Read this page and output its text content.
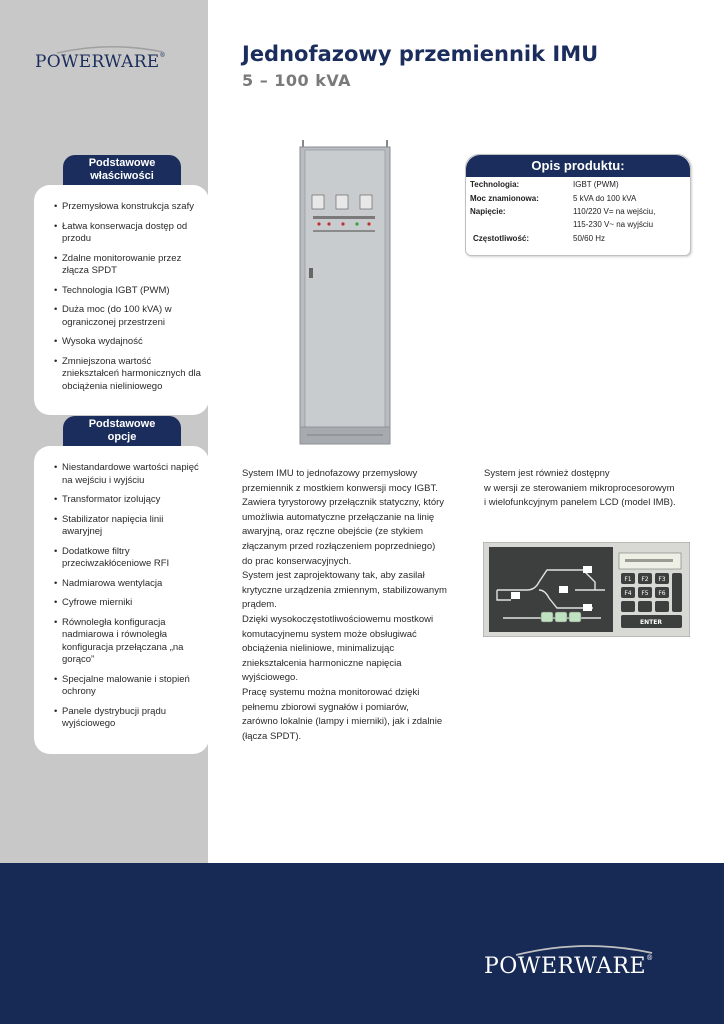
POWERWARE®	Jednofazowy przemiennik IMU
5 – 100 kVA
Podstawowe
właściwości
• Przemysłowa konstrukcja szafy
• Łatwa konserwacja dostęp od przodu
• Zdalne monitorowanie przez złącza SPDT
• Technologia IGBT (PWM)
• Duża moc (do 100 kVA) w ograniczonej przestrzeni
• Wysoka wydajność
• Zmniejszona wartość zniekształceń harmonicznych dla obciążenia nieliniowego
Podstawowe
opcje
• Niestandardowe wartości napięć na wejściu i wyjściu
• Transformator izolujący
• Stabilizator napięcia linii awaryjnej
• Dodatkowe filtry przeciwzakłóceniowe RFI
• Nadmiarowa wentylacja
• Cyfrowe mierniki
• Równoległa konfiguracja nadmiarowa i równoległa konfiguracja przełączana „na gorąco”
• Specjalne malowanie i stopień ochrony
• Panele dystrybucji prądu wyjściowego
Opis produktu:
Technologia:	IGBT (PWM)
Moc znamionowa:	5 kVA do 100 kVA
Napięcie:	110/220 V= na wejściu,
115-230 V~ na wyjściu
Częstotliwość:	50/60 Hz
System IMU to jednofazowy przemysłowy
przemiennik z mostkiem konwersji mocy IGBT.
Zawiera tyrystorowy przełącznik statyczny, który
umożliwia automatyczne przełączanie na linię
awaryjną, oraz ręczne obejście (ze stykiem
złączanym przed rozłączeniem poprzedniego)
do prac konserwacyjnych.
System jest zaprojektowany tak, aby zasilał
krytyczne urządzenia zmiennym, stabilizowanym
prądem.
Dzięki wysokoczęstotliwościowemu mostkowi
komutacyjnemu system może obsługiwać
obciążenia nieliniowe, minimalizując
zniekształcenia harmoniczne napięcia
wyjściowego.
Pracę systemu można monitorować dzięki
pełnemu zbiorowi sygnałów i pomiarów,
zarówno lokalnie (lampy i mierniki), jak i zdalnie
(łącza SPDT).
System jest również dostępny
w wersji ze sterowaniem mikroprocesorowym
i wielofunkcyjnym panelem LCD (model IMB).
F1 F2 F3
F4 F5 F6
ENTER
POWERWARE®
